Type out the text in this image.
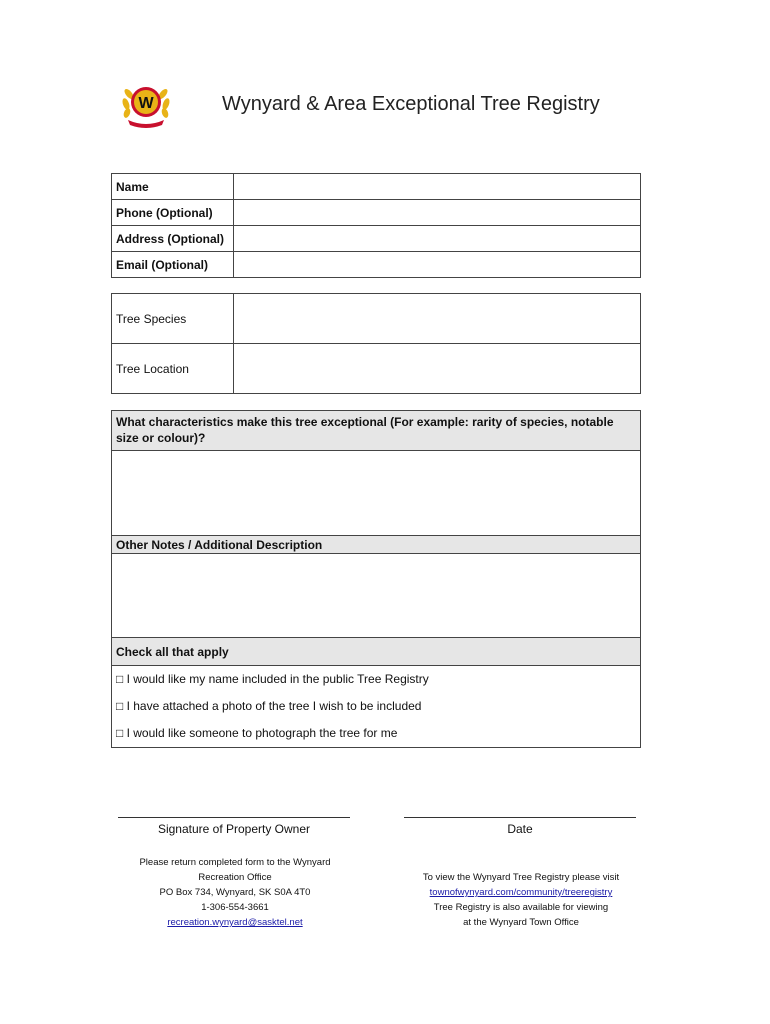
W	Wynyard & Area Exceptional Tree Registry
Name	
Phone (Optional)	
Address (Optional)	
Email (Optional)	
Tree Species	
Tree Location	
What characteristics make this tree exceptional (For example: rarity of species, notable size or colour)?
Other Notes / Additional Description
Check all that apply
□ I would like my name included in the public Tree Registry
□ I have attached a photo of the tree I wish to be included
□ I would like someone to photograph the tree for me
Signature of Property Owner	Date
Please return completed form to the Wynyard
Recreation Office
PO Box 734, Wynyard, SK S0A 4T0
1-306-554-3661
recreation.wynyard@sasktel.net
To view the Wynyard Tree Registry please visit
townofwynyard.com/community/treeregistry
Tree Registry is also available for viewing
at the Wynyard Town Office
